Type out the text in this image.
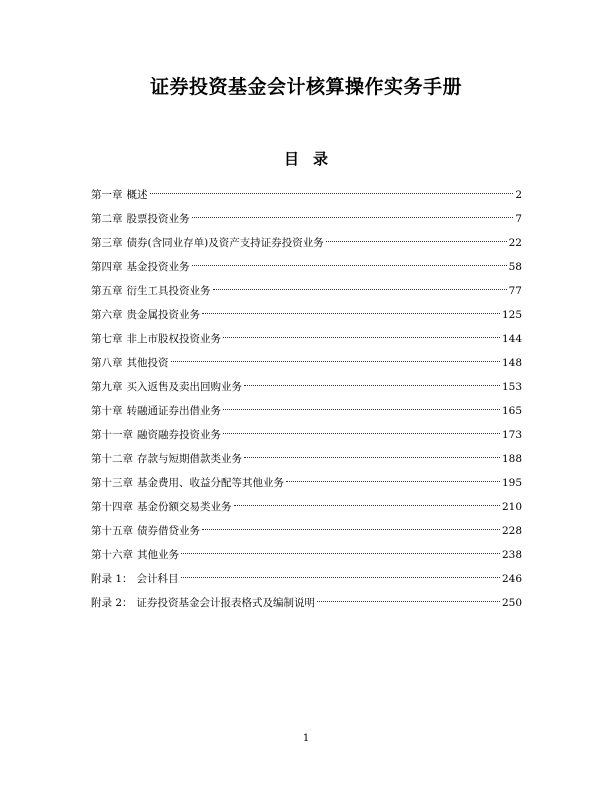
证券投资基金会计核算操作实务手册
目录
第一章 概述	2
第二章 股票投资业务	7
第三章 债券(含同业存单)及资产支持证券投资业务	22
第四章 基金投资业务	58
第五章 衍生工具投资业务	77
第六章 贵金属投资业务	125
第七章 非上市股权投资业务	144
第八章 其他投资	148
第九章 买入返售及卖出回购业务	153
第十章 转融通证券出借业务	165
第十一章 融资融券投资业务	173
第十二章 存款与短期借款类业务	188
第十三章 基金费用、收益分配等其他业务	195
第十四章 基金份额交易类业务	210
第十五章 债券借贷业务	228
第十六章 其他业务	238
附录 1： 会计科目	246
附录 2： 证券投资基金会计报表格式及编制说明	250
1
